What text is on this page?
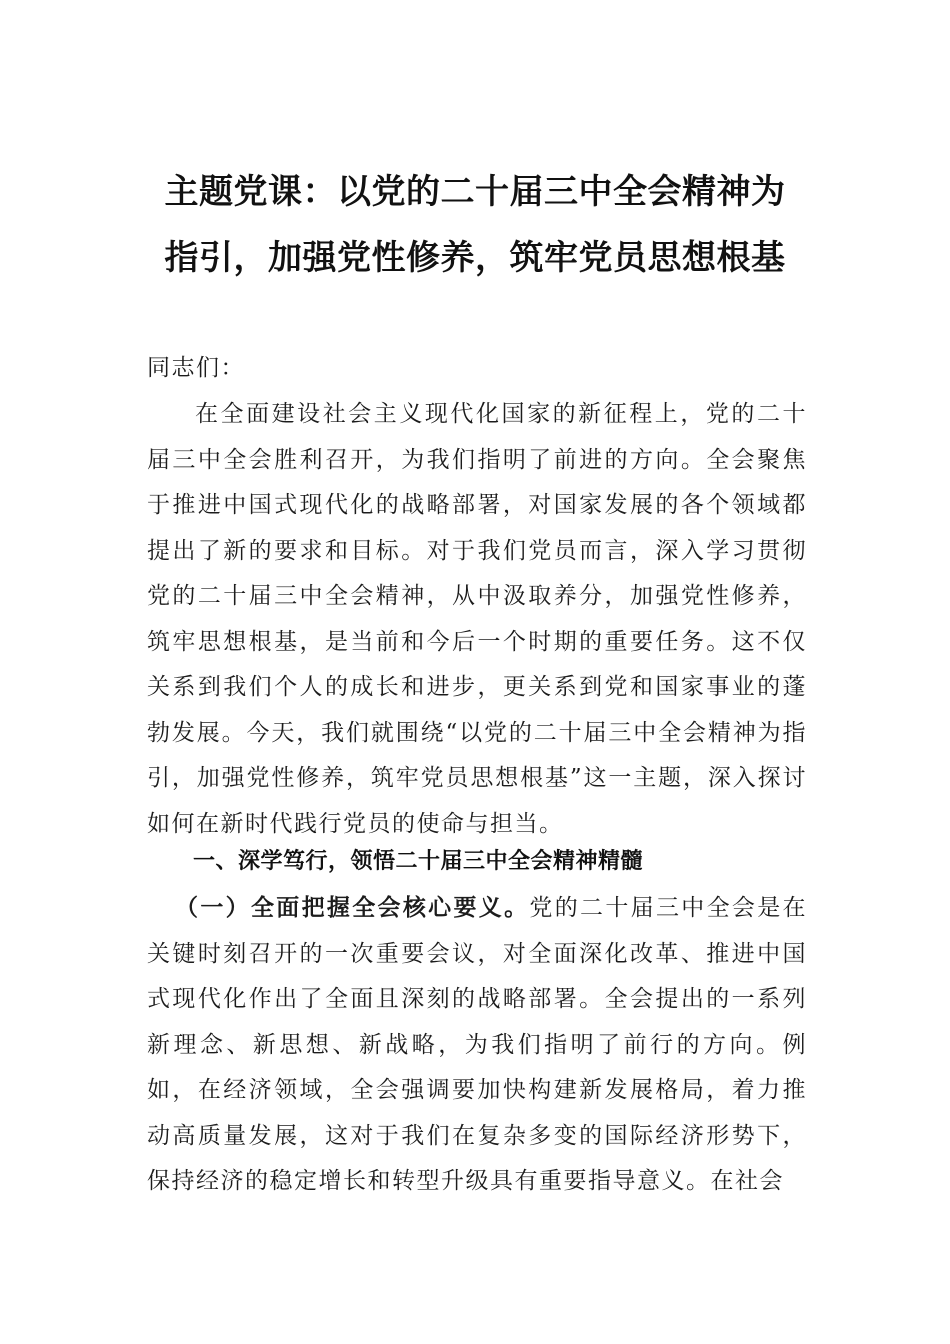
主题党课：以党的二十届三中全会精神为
指引，加强党性修养，筑牢党员思想根基
同志们：
在全面建设社会主义现代化国家的新征程上，党的二十届三中全会胜利召开，为我们指明了前进的方向。全会聚焦于推进中国式现代化的战略部署，对国家发展的各个领域都提出了新的要求和目标。对于我们党员而言，深入学习贯彻党的二十届三中全会精神，从中汲取养分，加强党性修养，筑牢思想根基，是当前和今后一个时期的重要任务。这不仅关系到我们个人的成长和进步，更关系到党和国家事业的蓬勃发展。今天，我们就围绕“以党的二十届三中全会精神为指引，加强党性修养，筑牢党员思想根基”这一主题，深入探讨如何在新时代践行党员的使命与担当。
一、深学笃行，领悟二十届三中全会精神精髓
（一）全面把握全会核心要义。党的二十届三中全会是在关键时刻召开的一次重要会议，对全面深化改革、推进中国式现代化作出了全面且深刻的战略部署。全会提出的一系列新理念、新思想、新战略，为我们指明了前行的方向。例如，在经济领域，全会强调要加快构建新发展格局，着力推动高质量发展，这对于我们在复杂多变的国际经济形势下，保持经济的稳定增长和转型升级具有重要指导意义。在社会
